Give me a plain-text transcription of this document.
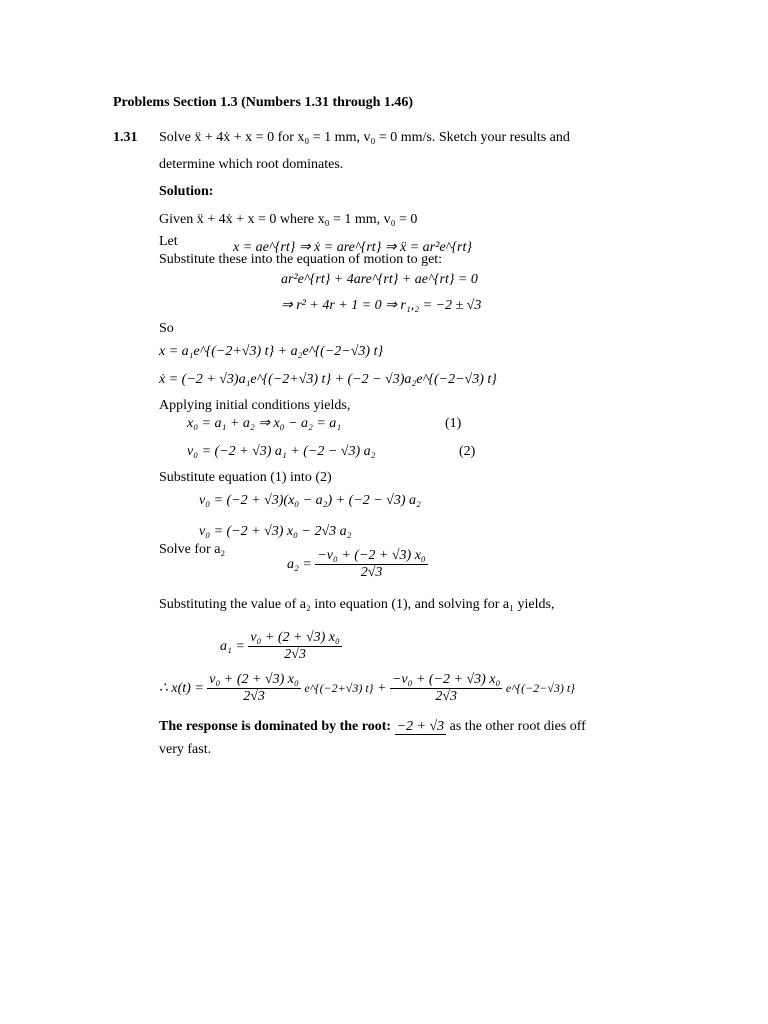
Problems Section 1.3 (Numbers 1.31 through 1.46)
1.31 Solve ẍ + 4ẋ + x = 0 for x₀ = 1 mm, v₀ = 0 mm/s. Sketch your results and
determine which root dominates.
Solution:
Given ẍ + 4ẋ + x = 0 where x₀ = 1 mm, v₀ = 0
Let	x = ae^{rt} ⇒ ẋ = are^{rt} ⇒ ẍ = ar²e^{rt}
Substitute these into the equation of motion to get:
ar²e^{rt} + 4are^{rt} + ae^{rt} = 0
⇒ r² + 4r + 1 = 0 ⇒ r₁,₂ = −2 ± √3
So
x = a₁e^{(−2+√3) t} + a₂e^{(−2−√3) t}
ẋ = (−2 + √3)a₁e^{(−2+√3) t} + (−2 − √3)a₂e^{(−2−√3) t}
Applying initial conditions yields,
x₀ = a₁ + a₂ ⇒ x₀ − a₂ = a₁	(1)
v₀ = (−2 + √3) a₁ + (−2 − √3) a₂	(2)
Substitute equation (1) into (2)
v₀ = (−2 + √3)(x₀ − a₂) + (−2 − √3) a₂
v₀ = (−2 + √3) x₀ − 2√3 a₂
Solve for a₂
$a_2 = \frac{\text{−v₀ + (−2 + √3) x₀}}{2√3}$
Substituting the value of a₂ into equation (1), and solving for a₁ yields,
$a_1 = \frac{\text{v₀ + (2 + √3) x₀}}{2√3}$
∴ $x(t) = \frac{\text{v₀ + (2 + √3) x₀}}{2√3}$ e^{(−2+√3) $t\} + \frac{\text{−v₀ + (−2 + √3) x₀}}{2√3}$ e^{(−2−√3) t}
The response is dominated by the root: −2 + √3 as the other root dies off
very fast.
